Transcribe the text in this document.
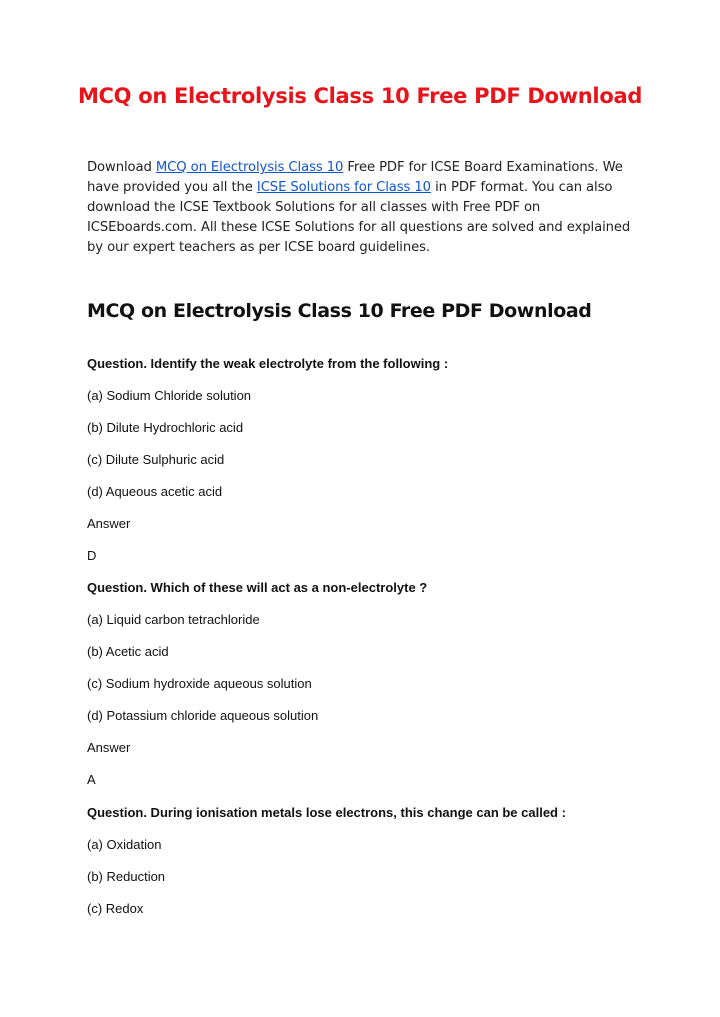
MCQ on Electrolysis Class 10 Free PDF Download

Download MCQ on Electrolysis Class 10 Free PDF for ICSE Board Examinations. We have provided you all the ICSE Solutions for Class 10 in PDF format. You can also download the ICSE Textbook Solutions for all classes with Free PDF on ICSEboards.com. All these ICSE Solutions for all questions are solved and explained by our expert teachers as per ICSE board guidelines.

MCQ on Electrolysis Class 10 Free PDF Download

Question. Identify the weak electrolyte from the following :

(a) Sodium Chloride solution

(b) Dilute Hydrochloric acid

(c) Dilute Sulphuric acid

(d) Aqueous acetic acid

Answer

D

Question. Which of these will act as a non-electrolyte ?

(a) Liquid carbon tetrachloride

(b) Acetic acid

(c) Sodium hydroxide aqueous solution

(d) Potassium chloride aqueous solution

Answer

A

Question. During ionisation metals lose electrons, this change can be called :

(a) Oxidation

(b) Reduction

(c) Redox
